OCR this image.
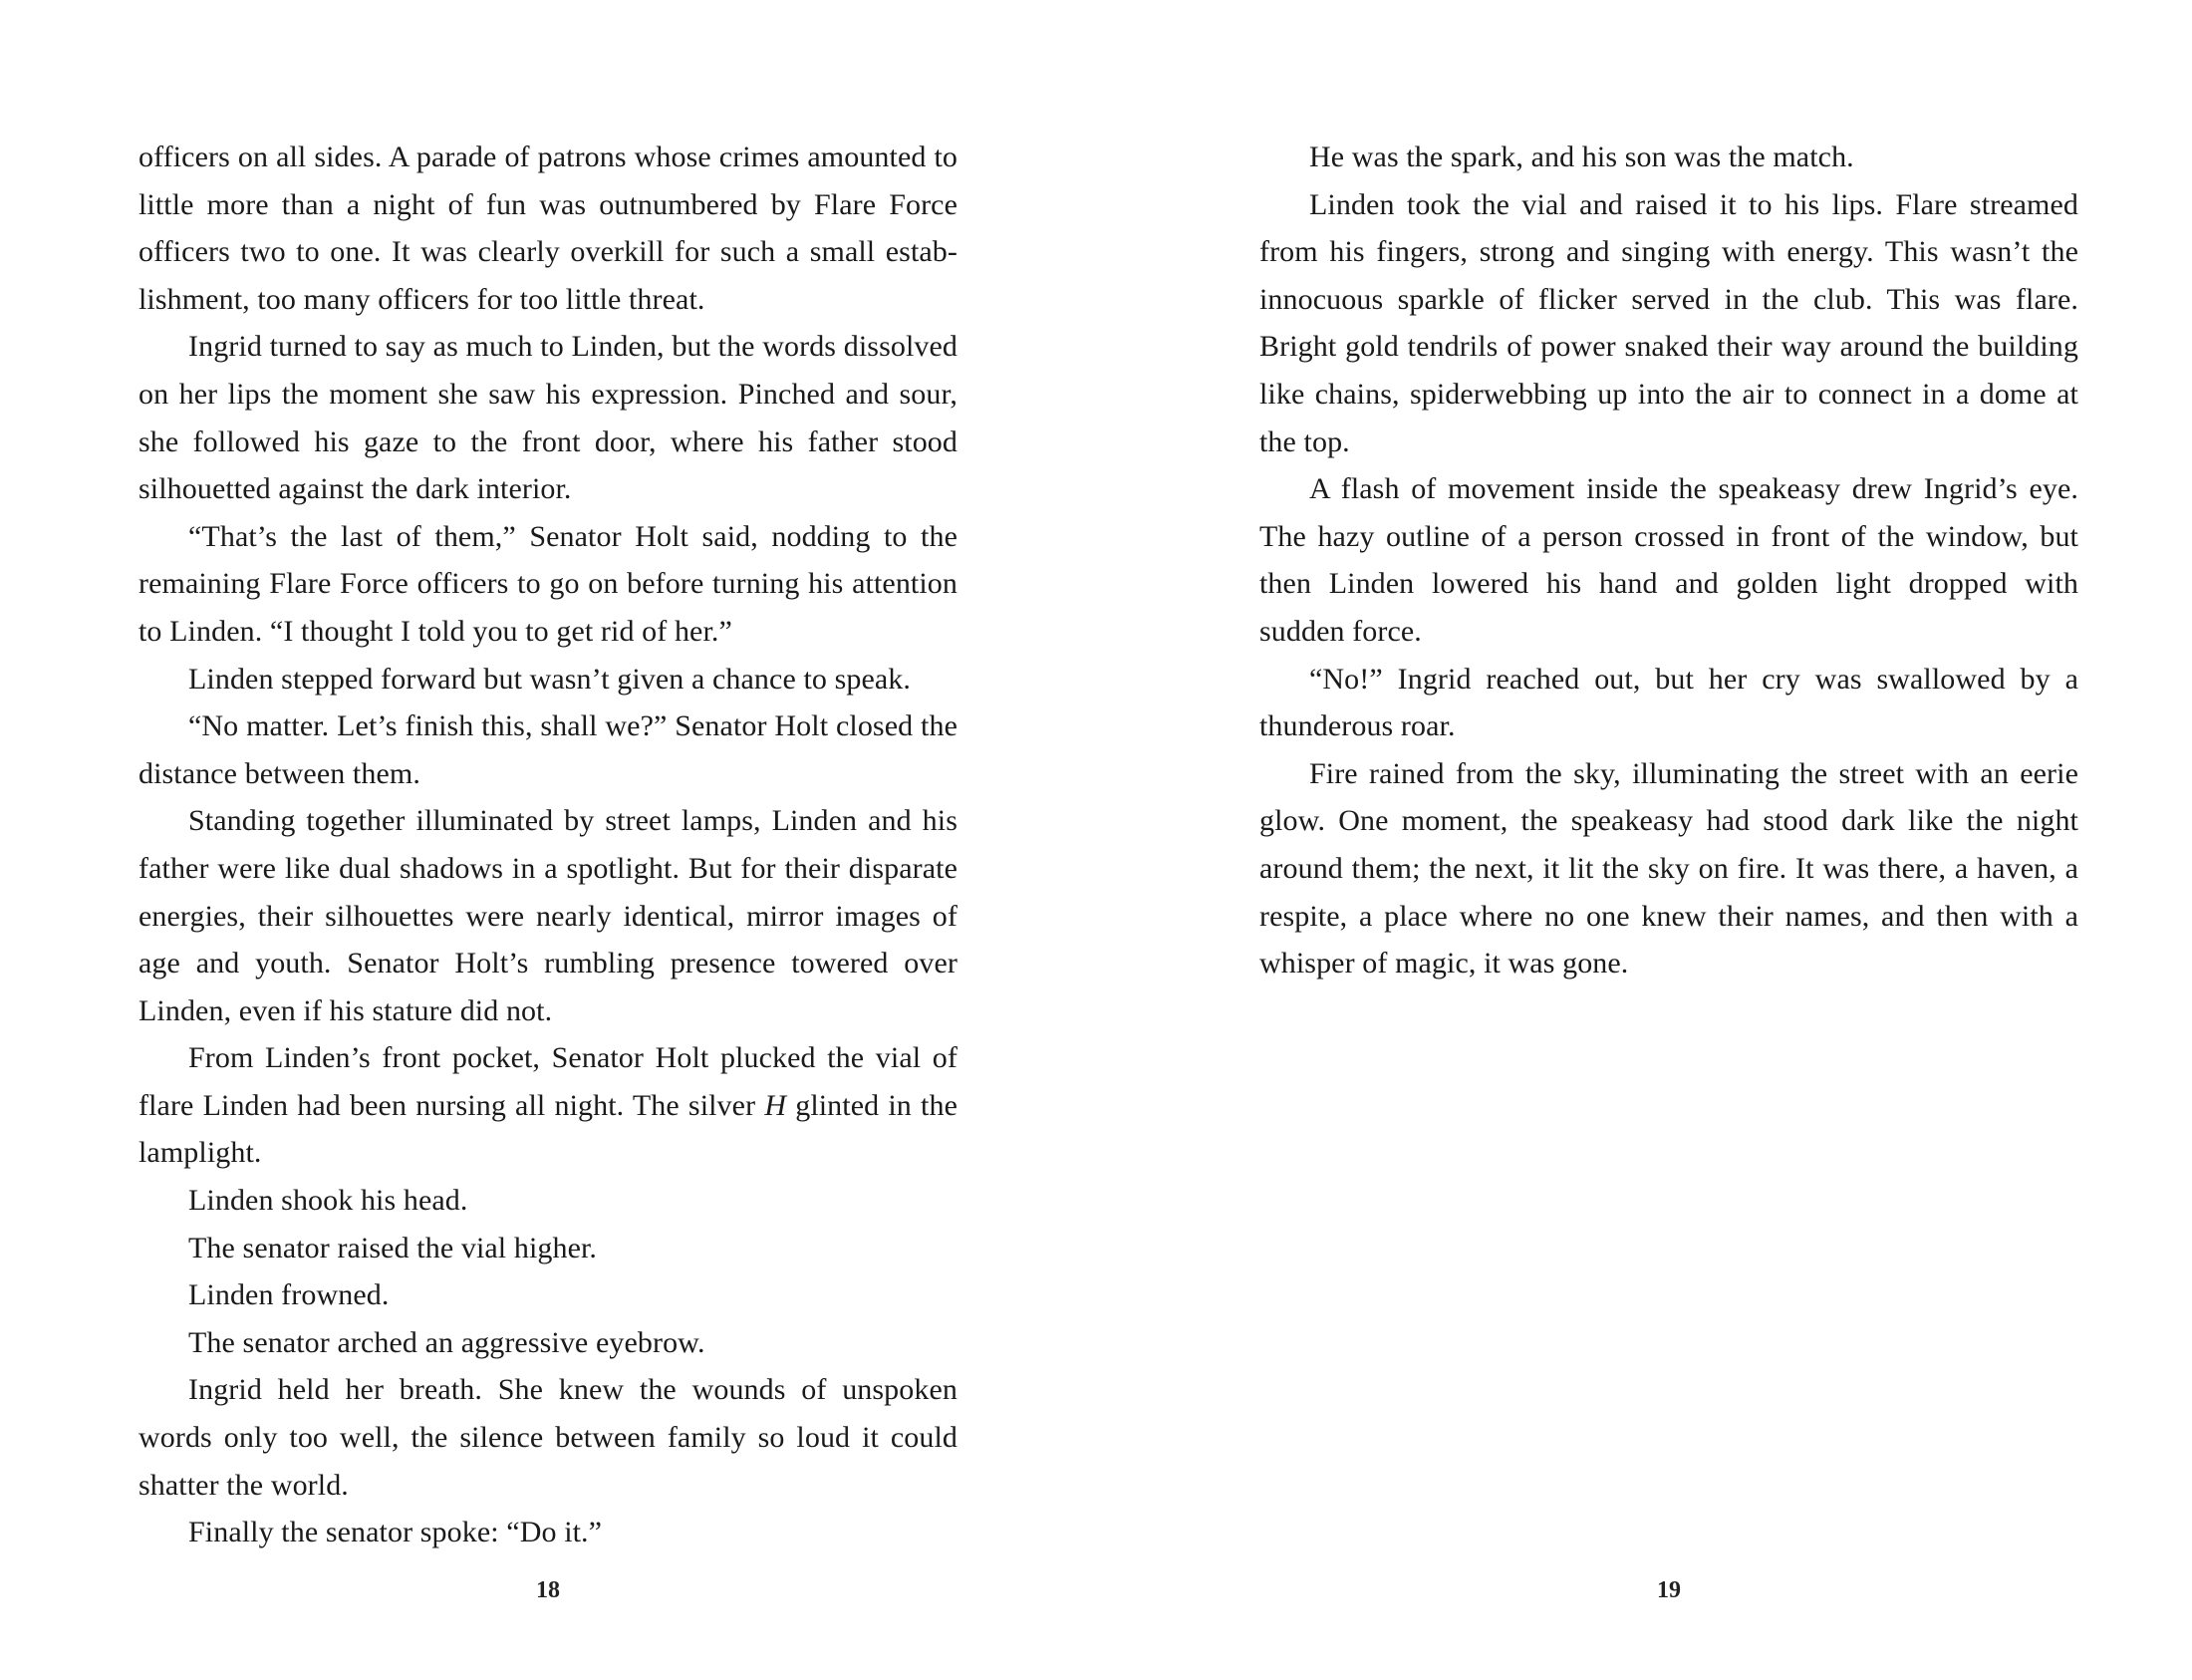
officers on all sides. A parade of patrons whose crimes amounted to little more than a night of fun was outnumbered by Flare Force officers two to one. It was clearly overkill for such a small estab-lishment, too many officers for too little threat.

Ingrid turned to say as much to Linden, but the words dissolved on her lips the moment she saw his expression. Pinched and sour, she followed his gaze to the front door, where his father stood silhouetted against the dark interior.

“That’s the last of them,” Senator Holt said, nodding to the remaining Flare Force officers to go on before turning his attention to Linden. “I thought I told you to get rid of her.”

Linden stepped forward but wasn’t given a chance to speak.

“No matter. Let’s finish this, shall we?” Senator Holt closed the distance between them.

Standing together illuminated by street lamps, Linden and his father were like dual shadows in a spotlight. But for their disparate energies, their silhouettes were nearly identical, mirror images of age and youth. Senator Holt’s rumbling presence towered over Linden, even if his stature did not.

From Linden’s front pocket, Senator Holt plucked the vial of flare Linden had been nursing all night. The silver H glinted in the lamplight.

Linden shook his head.

The senator raised the vial higher.

Linden frowned.

The senator arched an aggressive eyebrow.

Ingrid held her breath. She knew the wounds of unspoken words only too well, the silence between family so loud it could shatter the world.

Finally the senator spoke: “Do it.”

18

He was the spark, and his son was the match.

Linden took the vial and raised it to his lips. Flare streamed from his fingers, strong and singing with energy. This wasn’t the innocuous sparkle of flicker served in the club. This was flare. Bright gold tendrils of power snaked their way around the building like chains, spiderwebbing up into the air to connect in a dome at the top.

A flash of movement inside the speakeasy drew Ingrid’s eye. The hazy outline of a person crossed in front of the window, but then Linden lowered his hand and golden light dropped with sudden force.

“No!” Ingrid reached out, but her cry was swallowed by a thunderous roar.

Fire rained from the sky, illuminating the street with an eerie glow. One moment, the speakeasy had stood dark like the night around them; the next, it lit the sky on fire. It was there, a haven, a respite, a place where no one knew their names, and then with a whisper of magic, it was gone.

19
